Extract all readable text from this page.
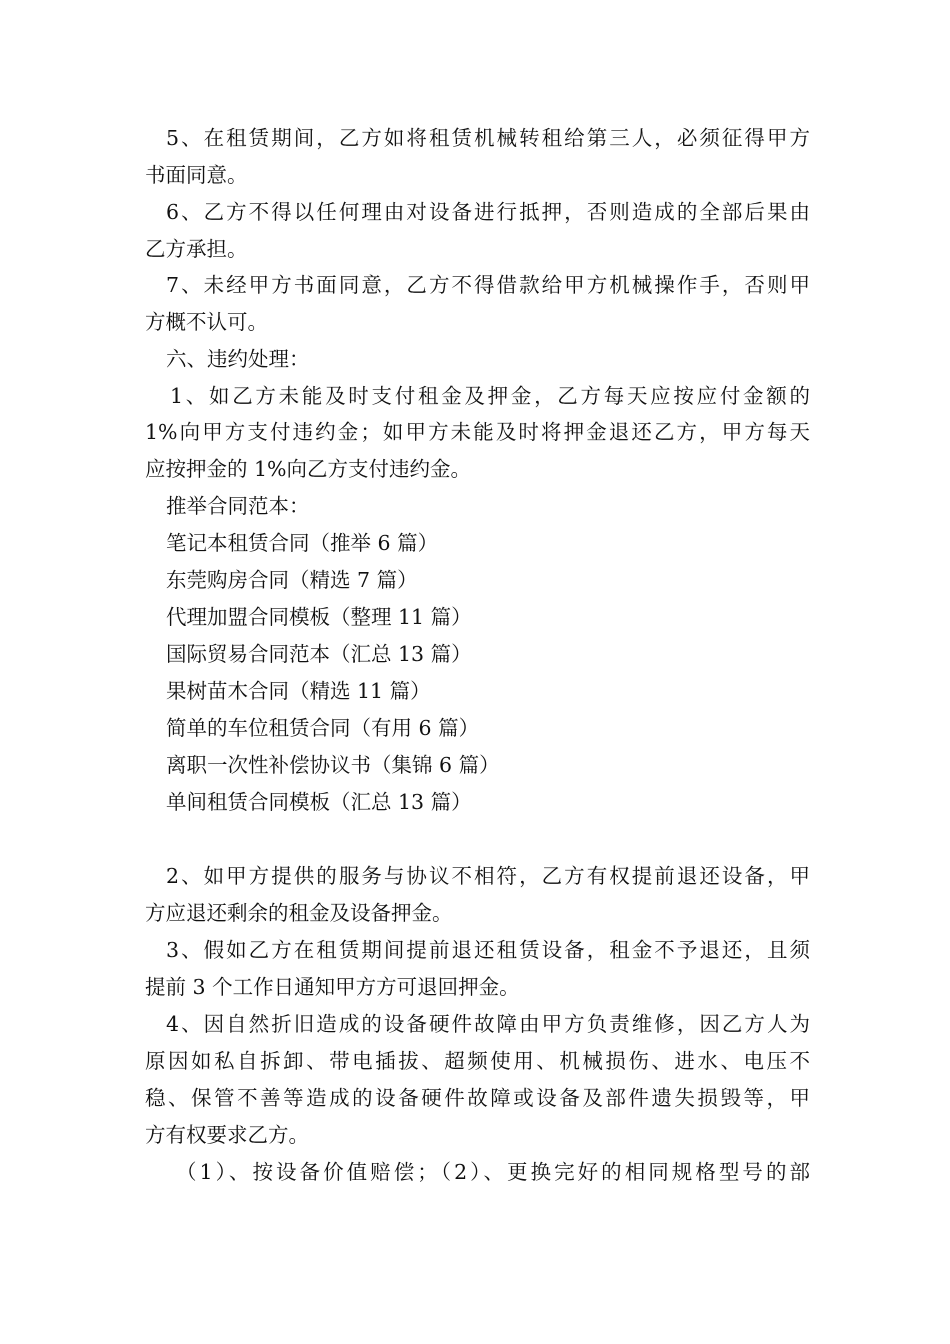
5、在租赁期间，乙方如将租赁机械转租给第三人，必须征得甲方
书面同意。
6、乙方不得以任何理由对设备进行抵押，否则造成的全部后果由
乙方承担。
7、未经甲方书面同意，乙方不得借款给甲方机械操作手，否则甲
方概不认可。
六、违约处理：
1、如乙方未能及时支付租金及押金，乙方每天应按应付金额的
1%向甲方支付违约金；如甲方未能及时将押金退还乙方，甲方每天
应按押金的 1%向乙方支付违约金。
推举合同范本：
笔记本租赁合同（推举 6 篇）
东莞购房合同（精选 7 篇）
代理加盟合同模板（整理 11 篇）
国际贸易合同范本（汇总 13 篇）
果树苗木合同（精选 11 篇）
简单的车位租赁合同（有用 6 篇）
离职一次性补偿协议书（集锦 6 篇）
单间租赁合同模板（汇总 13 篇）
2、如甲方提供的服务与协议不相符，乙方有权提前退还设备，甲
方应退还剩余的租金及设备押金。
3、假如乙方在租赁期间提前退还租赁设备，租金不予退还，且须
提前 3 个工作日通知甲方方可退回押金。
4、因自然折旧造成的设备硬件故障由甲方负责维修，因乙方人为
原因如私自拆卸、带电插拔、超频使用、机械损伤、进水、电压不
稳、保管不善等造成的设备硬件故障或设备及部件遗失损毁等，甲
方有权要求乙方。
（1）、按设备价值赔偿；（2）、更换完好的相同规格型号的部
